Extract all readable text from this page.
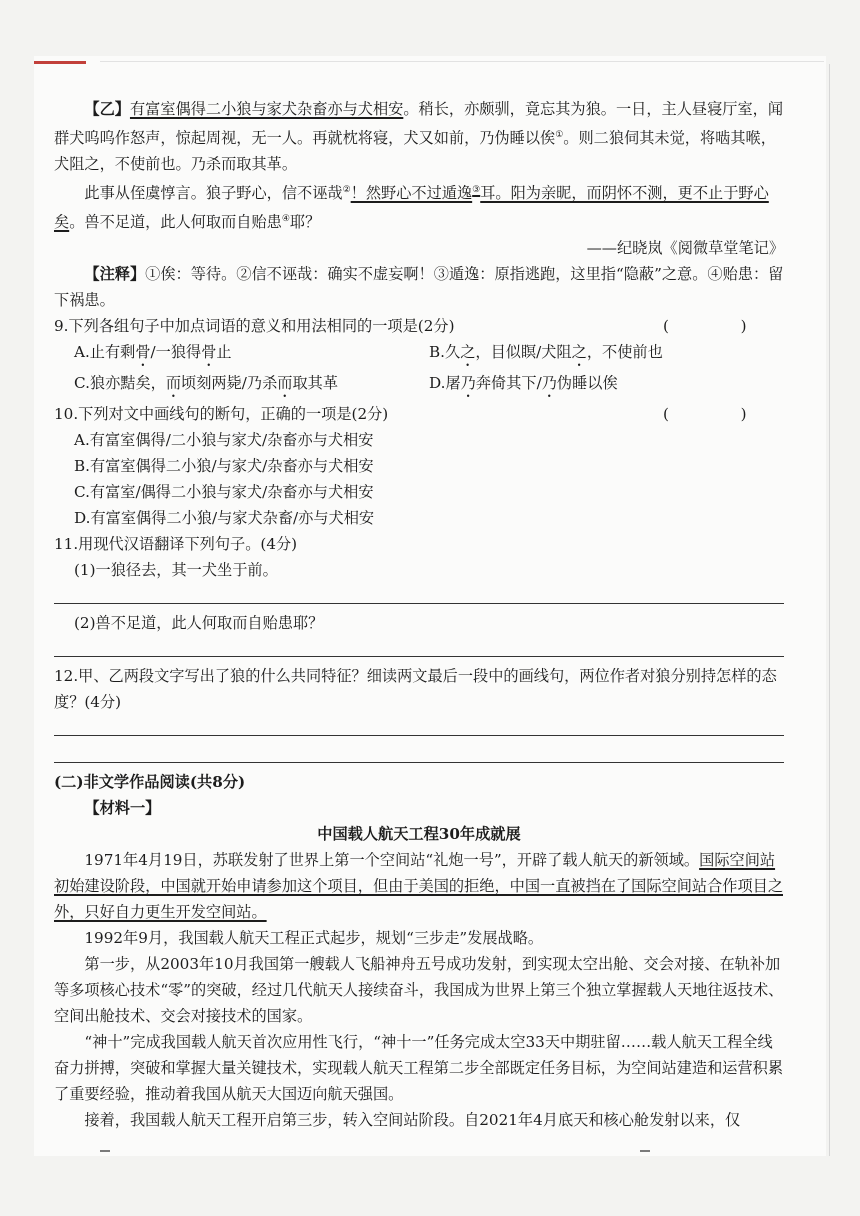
【乙】有富室偶得二小狼与家犬杂畜亦与犬相安。稍长，亦颇驯，竟忘其为狼。一日，主人昼寝厅室，闻群犬呜呜作怒声，惊起周视，无一人。再就枕将寝，犬又如前，乃伪睡以俟①。则二狼伺其未觉，将啮其喉，犬阻之，不使前也。乃杀而取其革。

此事从侄虞惇言。狼子野心，信不诬哉②！然野心不过遁逸③耳。阳为亲昵，而阴怀不测，更不止于野心矣。兽不足道，此人何取而自贻患④耶？

——纪晓岚《阅微草堂笔记》

【注释】①俟：等待。②信不诬哉：确实不虚妄啊！③遁逸：原指逃跑，这里指“隐蔽”之意。④贻患：留下祸患。

9.下列各组句子中加点词语的意义和用法相同的一项是(2分)	( )
A.止有剩骨/一狼得骨止	B.久之，目似瞑/犬阻之，不使前也
C.狼亦黠矣，而顷刻两毙/乃杀而取其革	D.屠乃奔倚其下/乃伪睡以俟
10.下列对文中画线句的断句，正确的一项是(2分)	( )
A.有富室偶得/二小狼与家犬/杂畜亦与犬相安
B.有富室偶得二小狼/与家犬/杂畜亦与犬相安
C.有富室/偶得二小狼与家犬/杂畜亦与犬相安
D.有富室偶得二小狼/与家犬杂畜/亦与犬相安
11.用现代汉语翻译下列句子。(4分)
(1)一狼径去，其一犬坐于前。
(2)兽不足道，此人何取而自贻患耶？
12.甲、乙两段文字写出了狼的什么共同特征？细读两文最后一段中的画线句，两位作者对狼分别持怎样的态度？(4分)
(二)非文学作品阅读(共8分)
【材料一】
中国载人航天工程30年成就展

1971年4月19日，苏联发射了世界上第一个空间站“礼炮一号”，开辟了载人航天的新领域。国际空间站初始建设阶段，中国就开始申请参加这个项目，但由于美国的拒绝，中国一直被挡在了国际空间站合作项目之外，只好自力更生开发空间站。

1992年9月，我国载人航天工程正式起步，规划“三步走”发展战略。

第一步，从2003年10月我国第一艘载人飞船神舟五号成功发射，到实现太空出舱、交会对接、在轨补加等多项核心技术“零”的突破，经过几代航天人接续奋斗，我国成为世界上第三个独立掌握载人天地往返技术、空间出舱技术、交会对接技术的国家。

“神十”完成我国载人航天首次应用性飞行，“神十一”任务完成太空33天中期驻留……载人航天工程全线奋力拼搏，突破和掌握大量关键技术，实现载人航天工程第二步全部既定任务目标，为空间站建造和运营积累了重要经验，推动着我国从航天大国迈向航天强国。

接着，我国载人航天工程开启第三步，转入空间站阶段。自2021年4月底天和核心舱发射以来，仅
